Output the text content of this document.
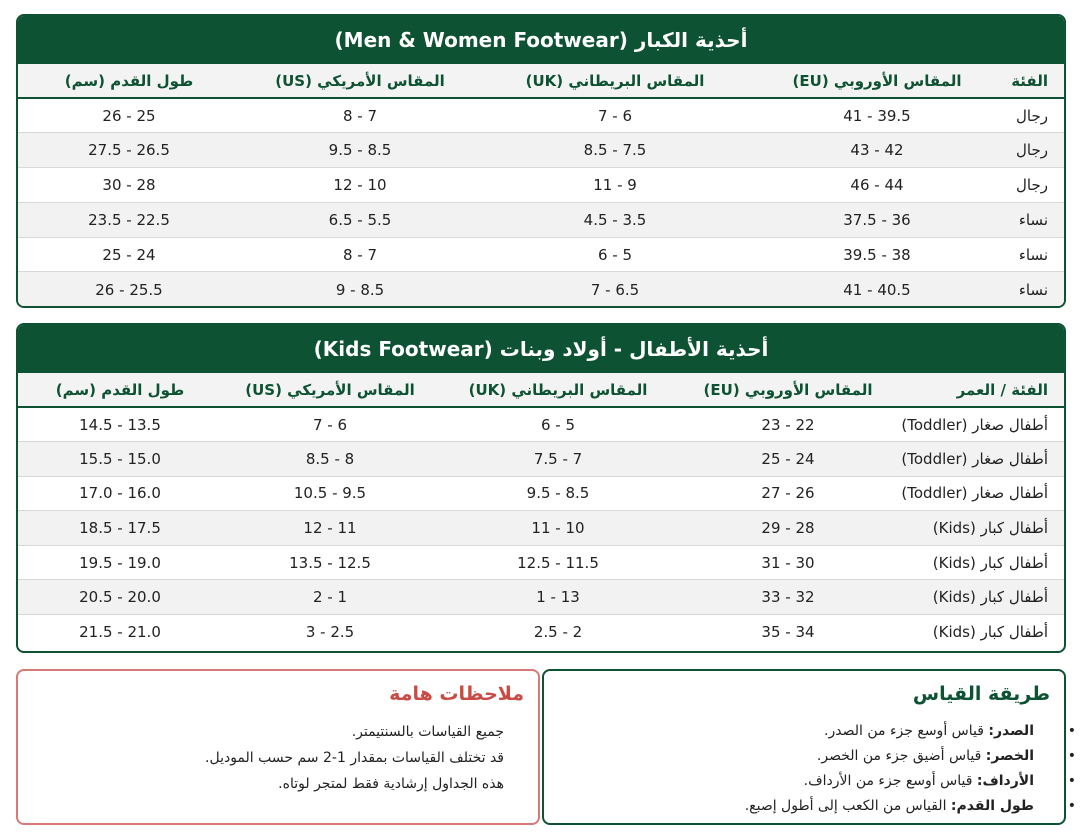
أحذية الكبار (Men & Women Footwear)
الفئة	المقاس الأوروبي (EU)	المقاس البريطاني (UK)	المقاس الأمريكي (US)	طول القدم (سم)
رجال	39.5 - 41	6 - 7	7 - 8	25 - 26
رجال	42 - 43	7.5 - 8.5	8.5 - 9.5	26.5 - 27.5
رجال	44 - 46	9 - 11	10 - 12	28 - 30
نساء	36 - 37.5	3.5 - 4.5	5.5 - 6.5	22.5 - 23.5
نساء	38 - 39.5	5 - 6	7 - 8	24 - 25
نساء	40.5 - 41	6.5 - 7	8.5 - 9	25.5 - 26
أحذية الأطفال - أولاد وبنات (Kids Footwear)
الفئة / العمر	المقاس الأوروبي (EU)	المقاس البريطاني (UK)	المقاس الأمريكي (US)	طول القدم (سم)
أطفال صغار (Toddler)	22 - 23	5 - 6	6 - 7	13.5 - 14.5
أطفال صغار (Toddler)	24 - 25	7 - 7.5	8 - 8.5	15.0 - 15.5
أطفال صغار (Toddler)	26 - 27	8.5 - 9.5	9.5 - 10.5	16.0 - 17.0
أطفال كبار (Kids)	28 - 29	10 - 11	11 - 12	17.5 - 18.5
أطفال كبار (Kids)	30 - 31	11.5 - 12.5	12.5 - 13.5	19.0 - 19.5
أطفال كبار (Kids)	32 - 33	13 - 1	1 - 2	20.0 - 20.5
أطفال كبار (Kids)	34 - 35	2 - 2.5	2.5 - 3	21.0 - 21.5
ملاحظات هامة
جميع القياسات بالسنتيمتر.
قد تختلف القياسات بمقدار 1-2 سم حسب الموديل.
هذه الجداول إرشادية فقط لمتجر لوتاه.
طريقة القياس
• الصدر: قياس أوسع جزء من الصدر.
• الخصر: قياس أضيق جزء من الخصر.
• الأرداف: قياس أوسع جزء من الأرداف.
• طول القدم: القياس من الكعب إلى أطول إصبع.
